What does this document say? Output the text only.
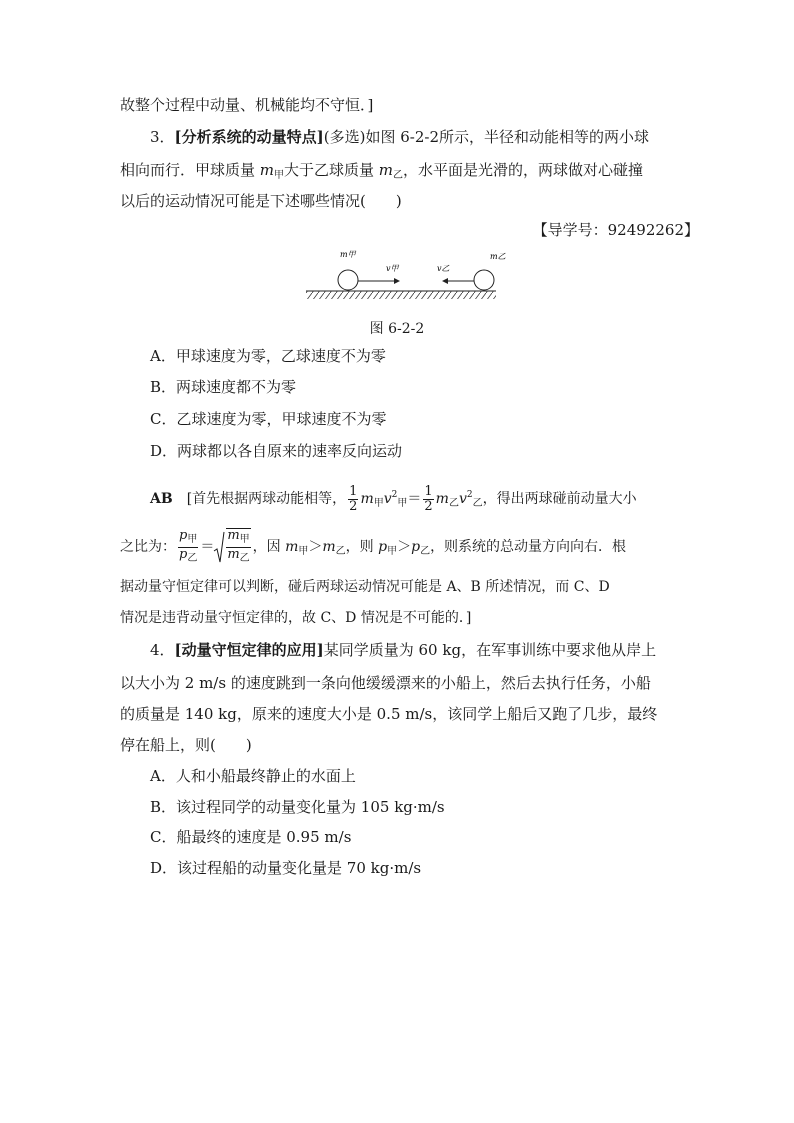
故整个过程中动量、机械能均不守恒．]
3．[分析系统的动量特点](多选)如图 6-2-2所示，半径和动能相等的两小球
相向而行．甲球质量 $m_甲$大于乙球质量 $m_乙$，水平面是光滑的，两球做对心碰撞
以后的运动情况可能是下述哪些情况(　　)
【导学号：92492262】
m甲
v甲	v乙
m乙
图 6-2-2
A．甲球速度为零，乙球速度不为零
B．两球速度都不为零
C．乙球速度为零，甲球速度不为零
D．两球都以各自原来的速率反向运动
AB　[首先根据两球动能相等， $\frac{1}{2} m_甲v^2_甲= \frac{1}{2} m_乙v^2_乙$，得出两球碰前动量大小
之比为： $\frac{p_甲}{p_乙} = \frac{m_甲}{m_乙}$ ，因 $m_甲>m_乙$，则 $p_甲>p_乙$，则系统的总动量方向向右．根
据动量守恒定律可以判断，碰后两球运动情况可能是 A、B 所述情况，而 C、D
情况是违背动量守恒定律的，故 C、D 情况是不可能的．]
4．[动量守恒定律的应用]某同学质量为 60 kg，在军事训练中要求他从岸上
以大小为 2 m/s 的速度跳到一条向他缓缓漂来的小船上，然后去执行任务，小船
的质量是 140 kg，原来的速度大小是 0.5 m/s，该同学上船后又跑了几步，最终
停在船上，则(　　)
A．人和小船最终静止的水面上
B．该过程同学的动量变化量为 105 kg·m/s
C．船最终的速度是 0.95 m/s
D．该过程船的动量变化量是 70 kg·m/s
